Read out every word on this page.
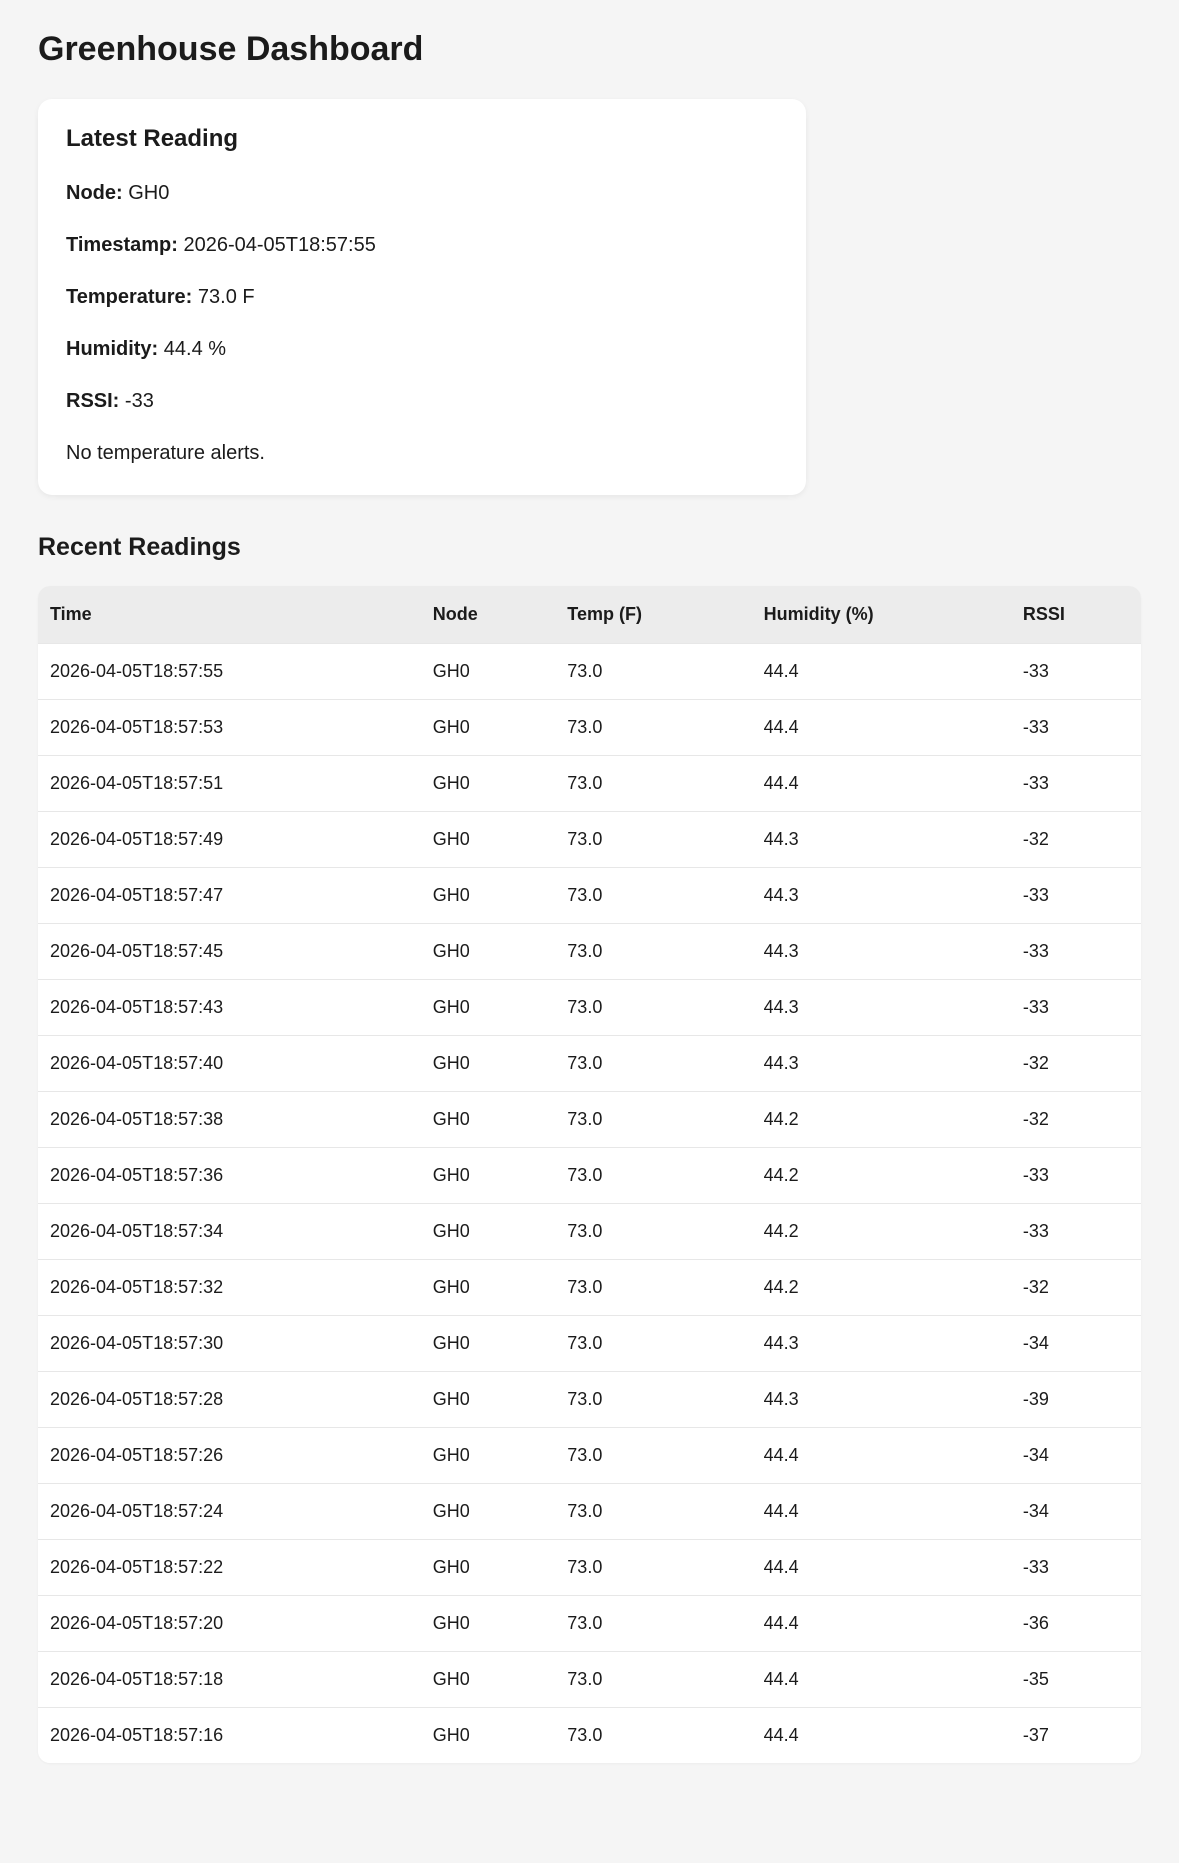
Greenhouse Dashboard
Latest Reading

Node: GH0

Timestamp: 2026-04-05T18:57:55

Temperature: 73.0 F

Humidity: 44.4 %

RSSI: -33

No temperature alerts.

Recent Readings
Time	Node	Temp (F)	Humidity (%)	RSSI
2026-04-05T18:57:55	GH0	73.0	44.4	-33
2026-04-05T18:57:53	GH0	73.0	44.4	-33
2026-04-05T18:57:51	GH0	73.0	44.4	-33
2026-04-05T18:57:49	GH0	73.0	44.3	-32
2026-04-05T18:57:47	GH0	73.0	44.3	-33
2026-04-05T18:57:45	GH0	73.0	44.3	-33
2026-04-05T18:57:43	GH0	73.0	44.3	-33
2026-04-05T18:57:40	GH0	73.0	44.3	-32
2026-04-05T18:57:38	GH0	73.0	44.2	-32
2026-04-05T18:57:36	GH0	73.0	44.2	-33
2026-04-05T18:57:34	GH0	73.0	44.2	-33
2026-04-05T18:57:32	GH0	73.0	44.2	-32
2026-04-05T18:57:30	GH0	73.0	44.3	-34
2026-04-05T18:57:28	GH0	73.0	44.3	-39
2026-04-05T18:57:26	GH0	73.0	44.4	-34
2026-04-05T18:57:24	GH0	73.0	44.4	-34
2026-04-05T18:57:22	GH0	73.0	44.4	-33
2026-04-05T18:57:20	GH0	73.0	44.4	-36
2026-04-05T18:57:18	GH0	73.0	44.4	-35
2026-04-05T18:57:16	GH0	73.0	44.4	-37
